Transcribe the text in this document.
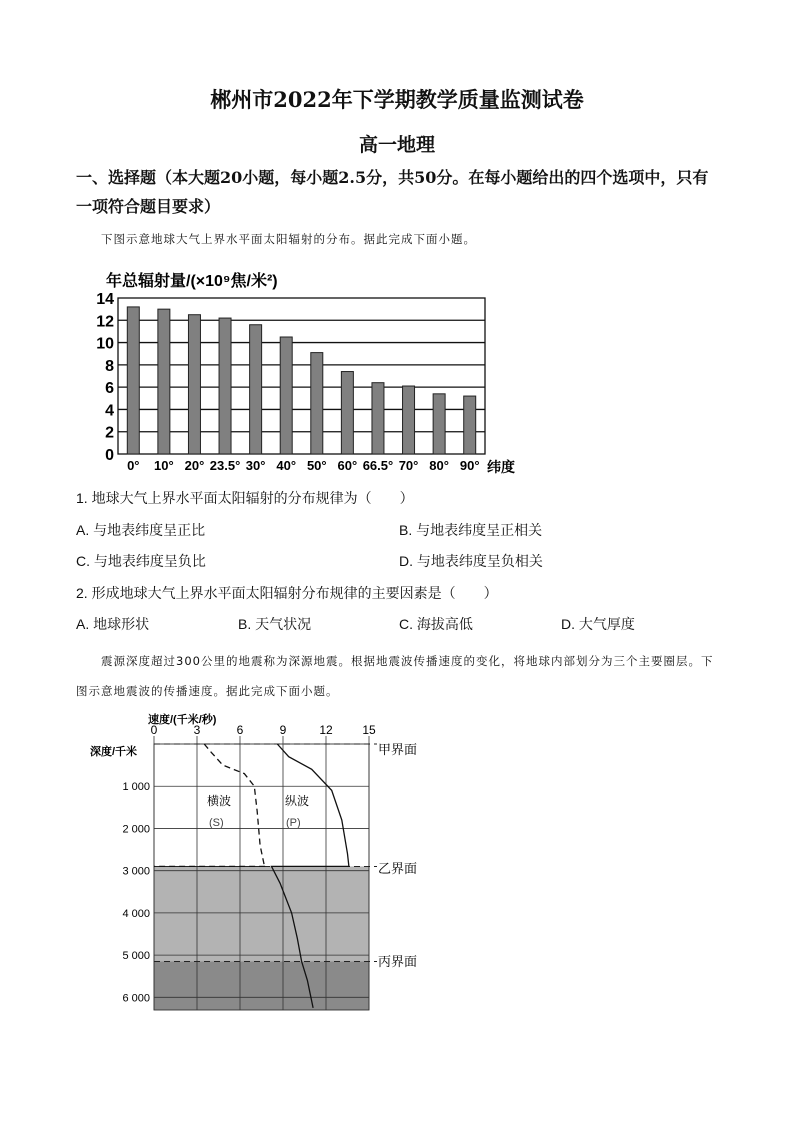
郴州市2022年下学期教学质量监测试卷
高一地理
一、选择题（本大题20小题，每小题2.5分，共50分。在每小题给出的四个选项中，只有一项符合题目要求）
下图示意地球大气上界水平面太阳辐射的分布。据此完成下面小题。
年总辐射量/(×10⁹焦/米²)
0
2
4
6
8
10
12
14
0° 10° 20° 23.5° 30° 40° 50° 60° 66.5° 70° 80° 90° 纬度
1. 地球大气上界水平面太阳辐射的分布规律为（　　）
A. 与地表纬度呈正比	B. 与地表纬度呈正相关
C. 与地表纬度呈负比	D. 与地表纬度呈负相关
2. 形成地球大气上界水平面太阳辐射分布规律的主要因素是（　　）
A. 地球形状	B. 天气状况	C. 海拔高低	D. 大气厚度
震源深度超过300公里的地震称为深源地震。根据地震波传播速度的变化，将地球内部划分为三个主要圈层。下图示意地震波的传播速度。据此完成下面小题。
0	3	6	9	12 15
1 000
2 000
3 000
4 000
5 000
6 000
速度/(千米/秒)
深度/千米
横波
(S)
纵波
(P)
甲界面
乙界面
丙界面
